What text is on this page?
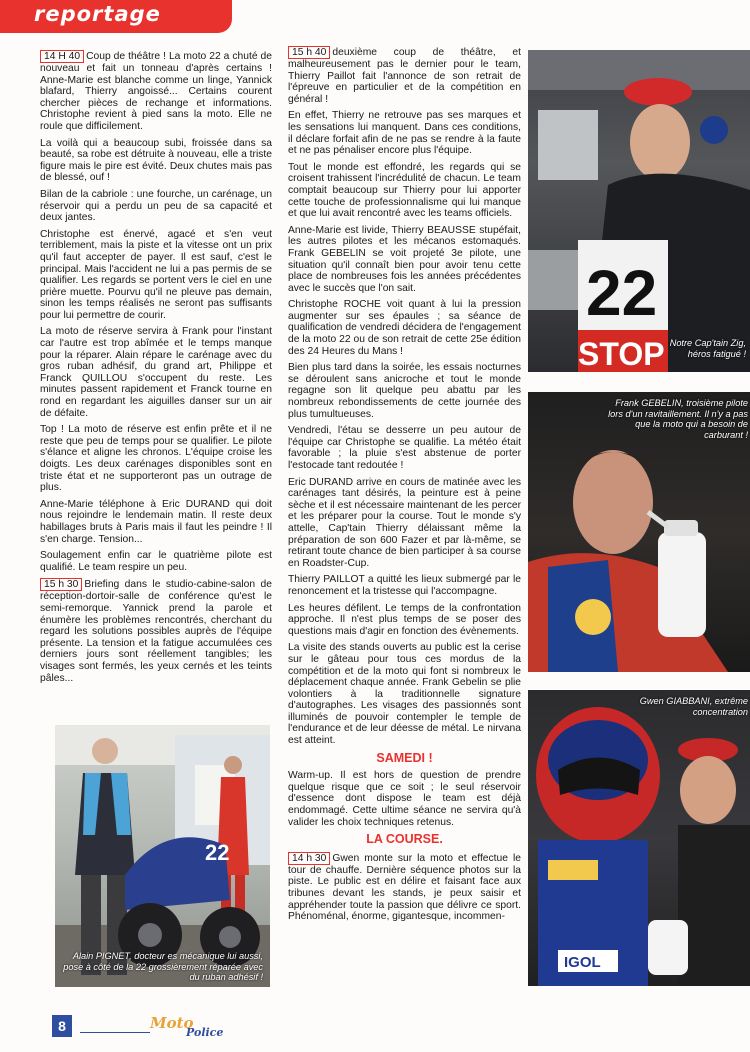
reportage

14 H 40 Coup de théâtre ! La moto 22 a chuté de nouveau et fait un tonneau d'après certains ! Anne-Marie est blanche comme un linge, Yannick blafard, Thierry angoissé... Certains courent chercher pièces de rechange et informations. Christophe revient à pied sans la moto. Elle ne roule que difficilement.

La voilà qui a beaucoup subi, froissée dans sa beauté, sa robe est détruite à nouveau, elle a triste figure mais le pire est évité. Deux chutes mais pas de blessé, ouf !

Bilan de la cabriole : une fourche, un carénage, un réservoir qui a perdu un peu de sa capacité et deux jantes.

Christophe est énervé, agacé et s'en veut terriblement, mais la piste et la vitesse ont un prix qu'il faut accepter de payer. Il est sauf, c'est le principal. Mais l'accident ne lui a pas permis de se qualifier. Les regards se portent vers le ciel en une prière muette. Pourvu qu'il ne pleuve pas demain, sinon les temps réalisés ne seront pas suffisants pour lui permettre de courir.

La moto de réserve servira à Frank pour l'instant car l'autre est trop abîmée et le temps manque pour la réparer. Alain répare le carénage avec du gros ruban adhésif, du grand art, Philippe et Franck QUILLOU s'occupent du reste. Les minutes passent rapidement et Franck tourne en rond en regardant les aiguilles danser sur un air de défaite.

Top ! La moto de réserve est enfin prête et il ne reste que peu de temps pour se qualifier. Le pilote s'élance et aligne les chronos. L'équipe croise les doigts. Les deux carénages disponibles sont en triste état et ne supporteront pas un outrage de plus.

Anne-Marie téléphone à Eric DURAND qui doit nous rejoindre le lendemain matin. Il reste deux habillages bruts à Paris mais il faut les peindre ! Il s'en charge. Tension...

Soulagement enfin car le quatrième pilote est qualifié. Le team respire un peu.

15 h 30 Briefing dans le studio-cabine-salon de réception-dortoir-salle de conférence qu'est le semi-remorque. Yannick prend la parole et énumère les problèmes rencontrés, cherchant du regard les solutions possibles auprès de l'équipe présente. La tension et la fatigue accumulées ces derniers jours sont réellement tangibles; les visages sont fermés, les yeux cernés et les teints pâles...

22
Alain PIGNET, docteur es mécanique lui aussi, pose à côté de la 22 grossièrement réparée avec du ruban adhésif !

15 h 40 deuxième coup de théâtre, et malheureusement pas le dernier pour le team, Thierry Paillot fait l'annonce de son retrait de l'épreuve en particulier et de la compétition en général !

En effet, Thierry ne retrouve pas ses marques et les sensations lui manquent. Dans ces conditions, il déclare forfait afin de ne pas se rendre à la faute et ne pas pénaliser encore plus l'équipe.

Tout le monde est effondré, les regards qui se croisent trahissent l'incrédulité de chacun. Le team comptait beaucoup sur Thierry pour lui apporter cette touche de professionnalisme qui lui manque et que lui avait rencontré avec les teams officiels.

Anne-Marie est livide, Thierry BEAUSSE stupéfait, les autres pilotes et les mécanos estomaqués. Frank GEBELIN se voit projeté 3e pilote, une situation qu'il connaît bien pour avoir tenu cette place de nombreuses fois les années précédentes avec le succès que l'on sait.

Christophe ROCHE voit quant à lui la pression augmenter sur ses épaules ; sa séance de qualification de vendredi décidera de l'engagement de la moto 22 ou de son retrait de cette 25e édition des 24 Heures du Mans !

Bien plus tard dans la soirée, les essais nocturnes se déroulent sans anicroche et tout le monde regagne son lit quelque peu abattu par les nombreux rebondissements de cette journée des plus tumultueuses.

Vendredi, l'étau se desserre un peu autour de l'équipe car Christophe se qualifie. La météo était favorable ; la pluie s'est abstenue de porter l'estocade tant redoutée !

Eric DURAND arrive en cours de matinée avec les carénages tant désirés, la peinture est à peine sèche et il est nécessaire maintenant de les percer et les préparer pour la course. Tout le monde s'y attelle, Cap'tain Thierry délaissant même la préparation de son 600 Fazer et par là-même, se retirant toute chance de bien participer à sa course en Roadster-Cup.

Thierry PAILLOT a quitté les lieux submergé par le renoncement et la tristesse qui l'accompagne.

Les heures défilent. Le temps de la confrontation approche. Il n'est plus temps de se poser des questions mais d'agir en fonction des évènements.

La visite des stands ouverts au public est la cerise sur le gâteau pour tous ces mordus de la compétition et de la moto qui font si nombreux le déplacement chaque année. Frank Gebelin se plie volontiers à la traditionnelle signature d'autographes. Les visages des passionnés sont illuminés de pouvoir contempler le temple de l'endurance et de leur déesse de métal. Le nirvana est atteint.

SAMEDI !

Warm-up. Il est hors de question de prendre quelque risque que ce soit ; le seul réservoir d'essence dont dispose le team est déjà endommagé. Cette ultime séance ne servira qu'à valider les choix techniques retenus.

LA COURSE.

14 h 30 Gwen monte sur la moto et effectue le tour de chauffe. Dernière séquence photos sur la piste. Le public est en délire et faisant face aux tribunes devant les stands, je peux saisir et appréhender toute la passion que délivre ce sport. Phénoménal, énorme, gigantesque, incommen-

22
STOP Notre Cap'tain Zig, héros fatigué !
Frank GEBELIN, troisième pilote lors d'un ravitaillement. Il n'y a pas que la moto qui a besoin de carburant !
IGOL
Gwen GIABBANI, extrême concentration
8	Moto
Police
